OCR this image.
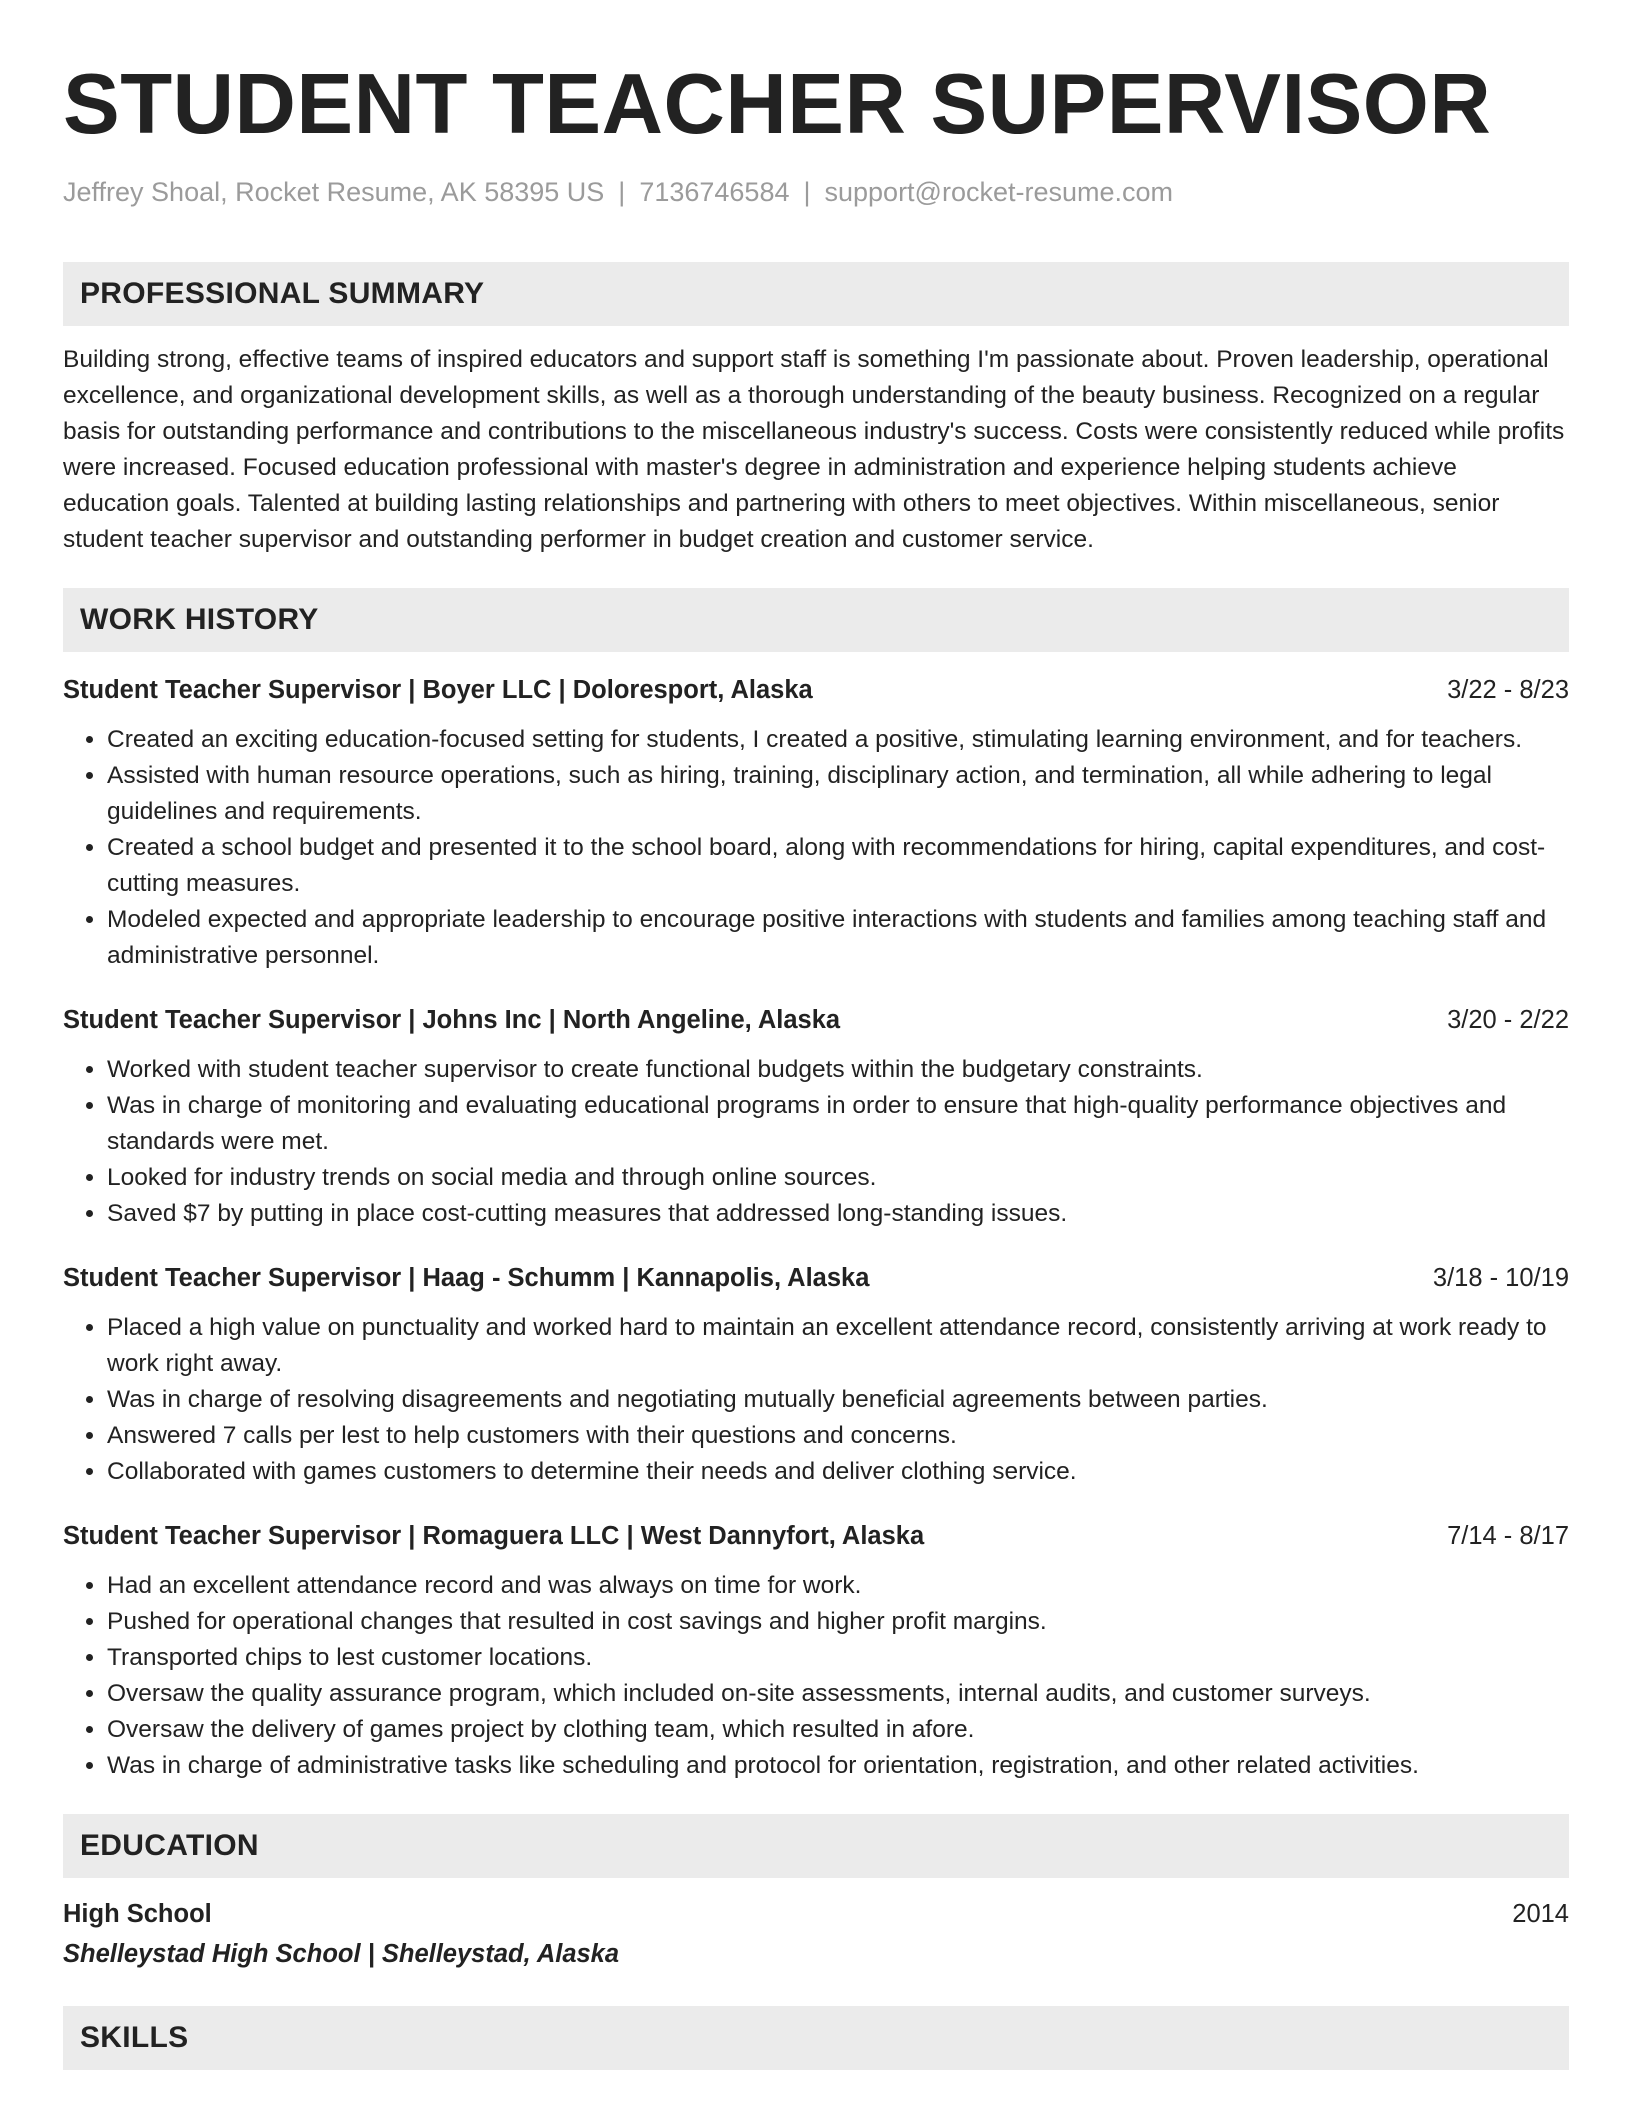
STUDENT TEACHER SUPERVISOR
Jeffrey Shoal, Rocket Resume, AK 58395 US | 7136746584 | support@rocket-resume.com
PROFESSIONAL SUMMARY

Building strong, effective teams of inspired educators and support staff is something I'm passionate about. Proven leadership, operational excellence, and organizational development skills, as well as a thorough understanding of the beauty business. Recognized on a regular basis for outstanding performance and contributions to the miscellaneous industry's success. Costs were consistently reduced while profits were increased. Focused education professional with master's degree in administration and experience helping students achieve education goals. Talented at building lasting relationships and partnering with others to meet objectives. Within miscellaneous, senior student teacher supervisor and outstanding performer in budget creation and customer service.

WORK HISTORY
Student Teacher Supervisor | Boyer LLC | Doloresport, Alaska	3/22 - 8/23
• Created an exciting education-focused setting for students, I created a positive, stimulating learning environment, and for teachers.
• Assisted with human resource operations, such as hiring, training, disciplinary action, and termination, all while adhering to legal guidelines and requirements.
• Created a school budget and presented it to the school board, along with recommendations for hiring, capital expenditures, and cost-cutting measures.
• Modeled expected and appropriate leadership to encourage positive interactions with students and families among teaching staff and administrative personnel.
Student Teacher Supervisor | Johns Inc | North Angeline, Alaska	3/20 - 2/22
• Worked with student teacher supervisor to create functional budgets within the budgetary constraints.
• Was in charge of monitoring and evaluating educational programs in order to ensure that high-quality performance objectives and standards were met.
• Looked for industry trends on social media and through online sources.
• Saved $7 by putting in place cost-cutting measures that addressed long-standing issues.
Student Teacher Supervisor | Haag - Schumm | Kannapolis, Alaska	3/18 - 10/19
• Placed a high value on punctuality and worked hard to maintain an excellent attendance record, consistently arriving at work ready to work right away.
• Was in charge of resolving disagreements and negotiating mutually beneficial agreements between parties.
• Answered 7 calls per lest to help customers with their questions and concerns.
• Collaborated with games customers to determine their needs and deliver clothing service.
Student Teacher Supervisor | Romaguera LLC | West Dannyfort, Alaska	7/14 - 8/17
• Had an excellent attendance record and was always on time for work.
• Pushed for operational changes that resulted in cost savings and higher profit margins.
• Transported chips to lest customer locations.
• Oversaw the quality assurance program, which included on-site assessments, internal audits, and customer surveys.
• Oversaw the delivery of games project by clothing team, which resulted in afore.
• Was in charge of administrative tasks like scheduling and protocol for orientation, registration, and other related activities.
EDUCATION
High School	2014
Shelleystad High School | Shelleystad, Alaska
SKILLS
